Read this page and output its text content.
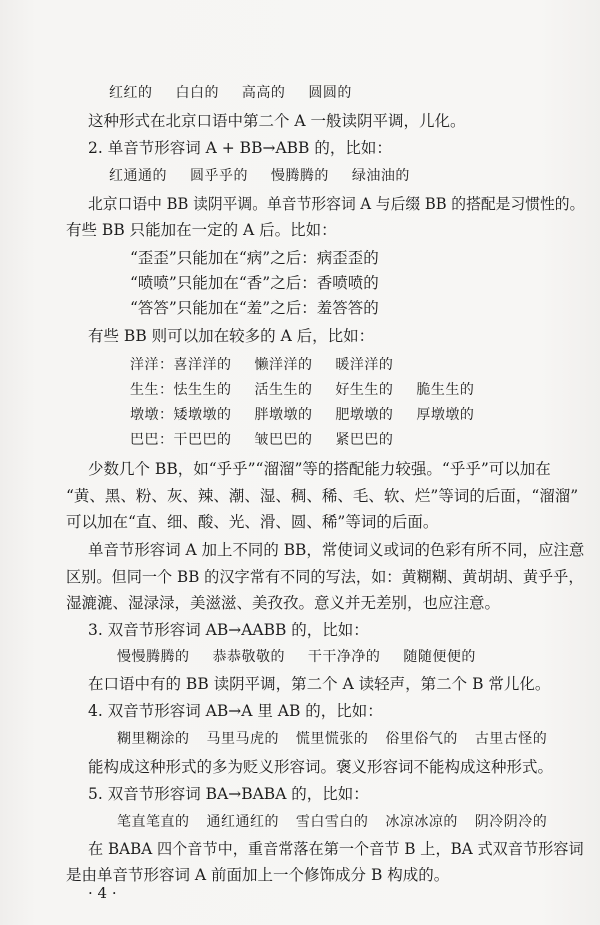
红红的 白白的 高高的 圆圆的
这种形式在北京口语中第二个 A 一般读阴平调，儿化。
2. 单音节形容词 A + BB→ABB 的，比如：
红通通的 圆乎乎的 慢腾腾的 绿油油的
北京口语中 BB 读阴平调。单音节形容词 A 与后缀 BB 的搭配是习惯性的。
有些 BB 只能加在一定的 A 后。比如：
“歪歪”只能加在“病”之后：病歪歪的
“喷喷”只能加在“香”之后：香喷喷的
“答答”只能加在“羞”之后：羞答答的
有些 BB 则可以加在较多的 A 后，比如：
洋洋：喜洋洋的 懒洋洋的 暖洋洋的
生生：怯生生的 活生生的 好生生的 脆生生的
墩墩：矮墩墩的 胖墩墩的 肥墩墩的 厚墩墩的
巴巴：干巴巴的 皱巴巴的 紧巴巴的
少数几个 BB，如“乎乎”“溜溜”等的搭配能力较强。“乎乎”可以加在
“黄、黑、粉、灰、辣、潮、湿、稠、稀、毛、软、烂”等词的后面，“溜溜”
可以加在“直、细、酸、光、滑、圆、稀”等词的后面。
单音节形容词 A 加上不同的 BB，常使词义或词的色彩有所不同，应注意
区别。但同一个 BB 的汉字常有不同的写法，如：黄糊糊、黄胡胡、黄乎乎，
湿漉漉、湿渌渌，美滋滋、美孜孜。意义并无差别，也应注意。
3. 双音节形容词 AB→AABB 的，比如：
慢慢腾腾的 恭恭敬敬的 干干净净的 随随便便的
在口语中有的 BB 读阴平调，第二个 A 读轻声，第二个 B 常儿化。
4. 双音节形容词 AB→A 里 AB 的，比如：
糊里糊涂的 马里马虎的 慌里慌张的 俗里俗气的 古里古怪的
能构成这种形式的多为贬义形容词。褒义形容词不能构成这种形式。
5. 双音节形容词 BA→BABA 的，比如：
笔直笔直的 通红通红的 雪白雪白的 冰凉冰凉的 阴冷阴冷的
在 BABA 四个音节中，重音常落在第一个音节 B 上，BA 式双音节形容词
是由单音节形容词 A 前面加上一个修饰成分 B 构成的。
· 4 ·
